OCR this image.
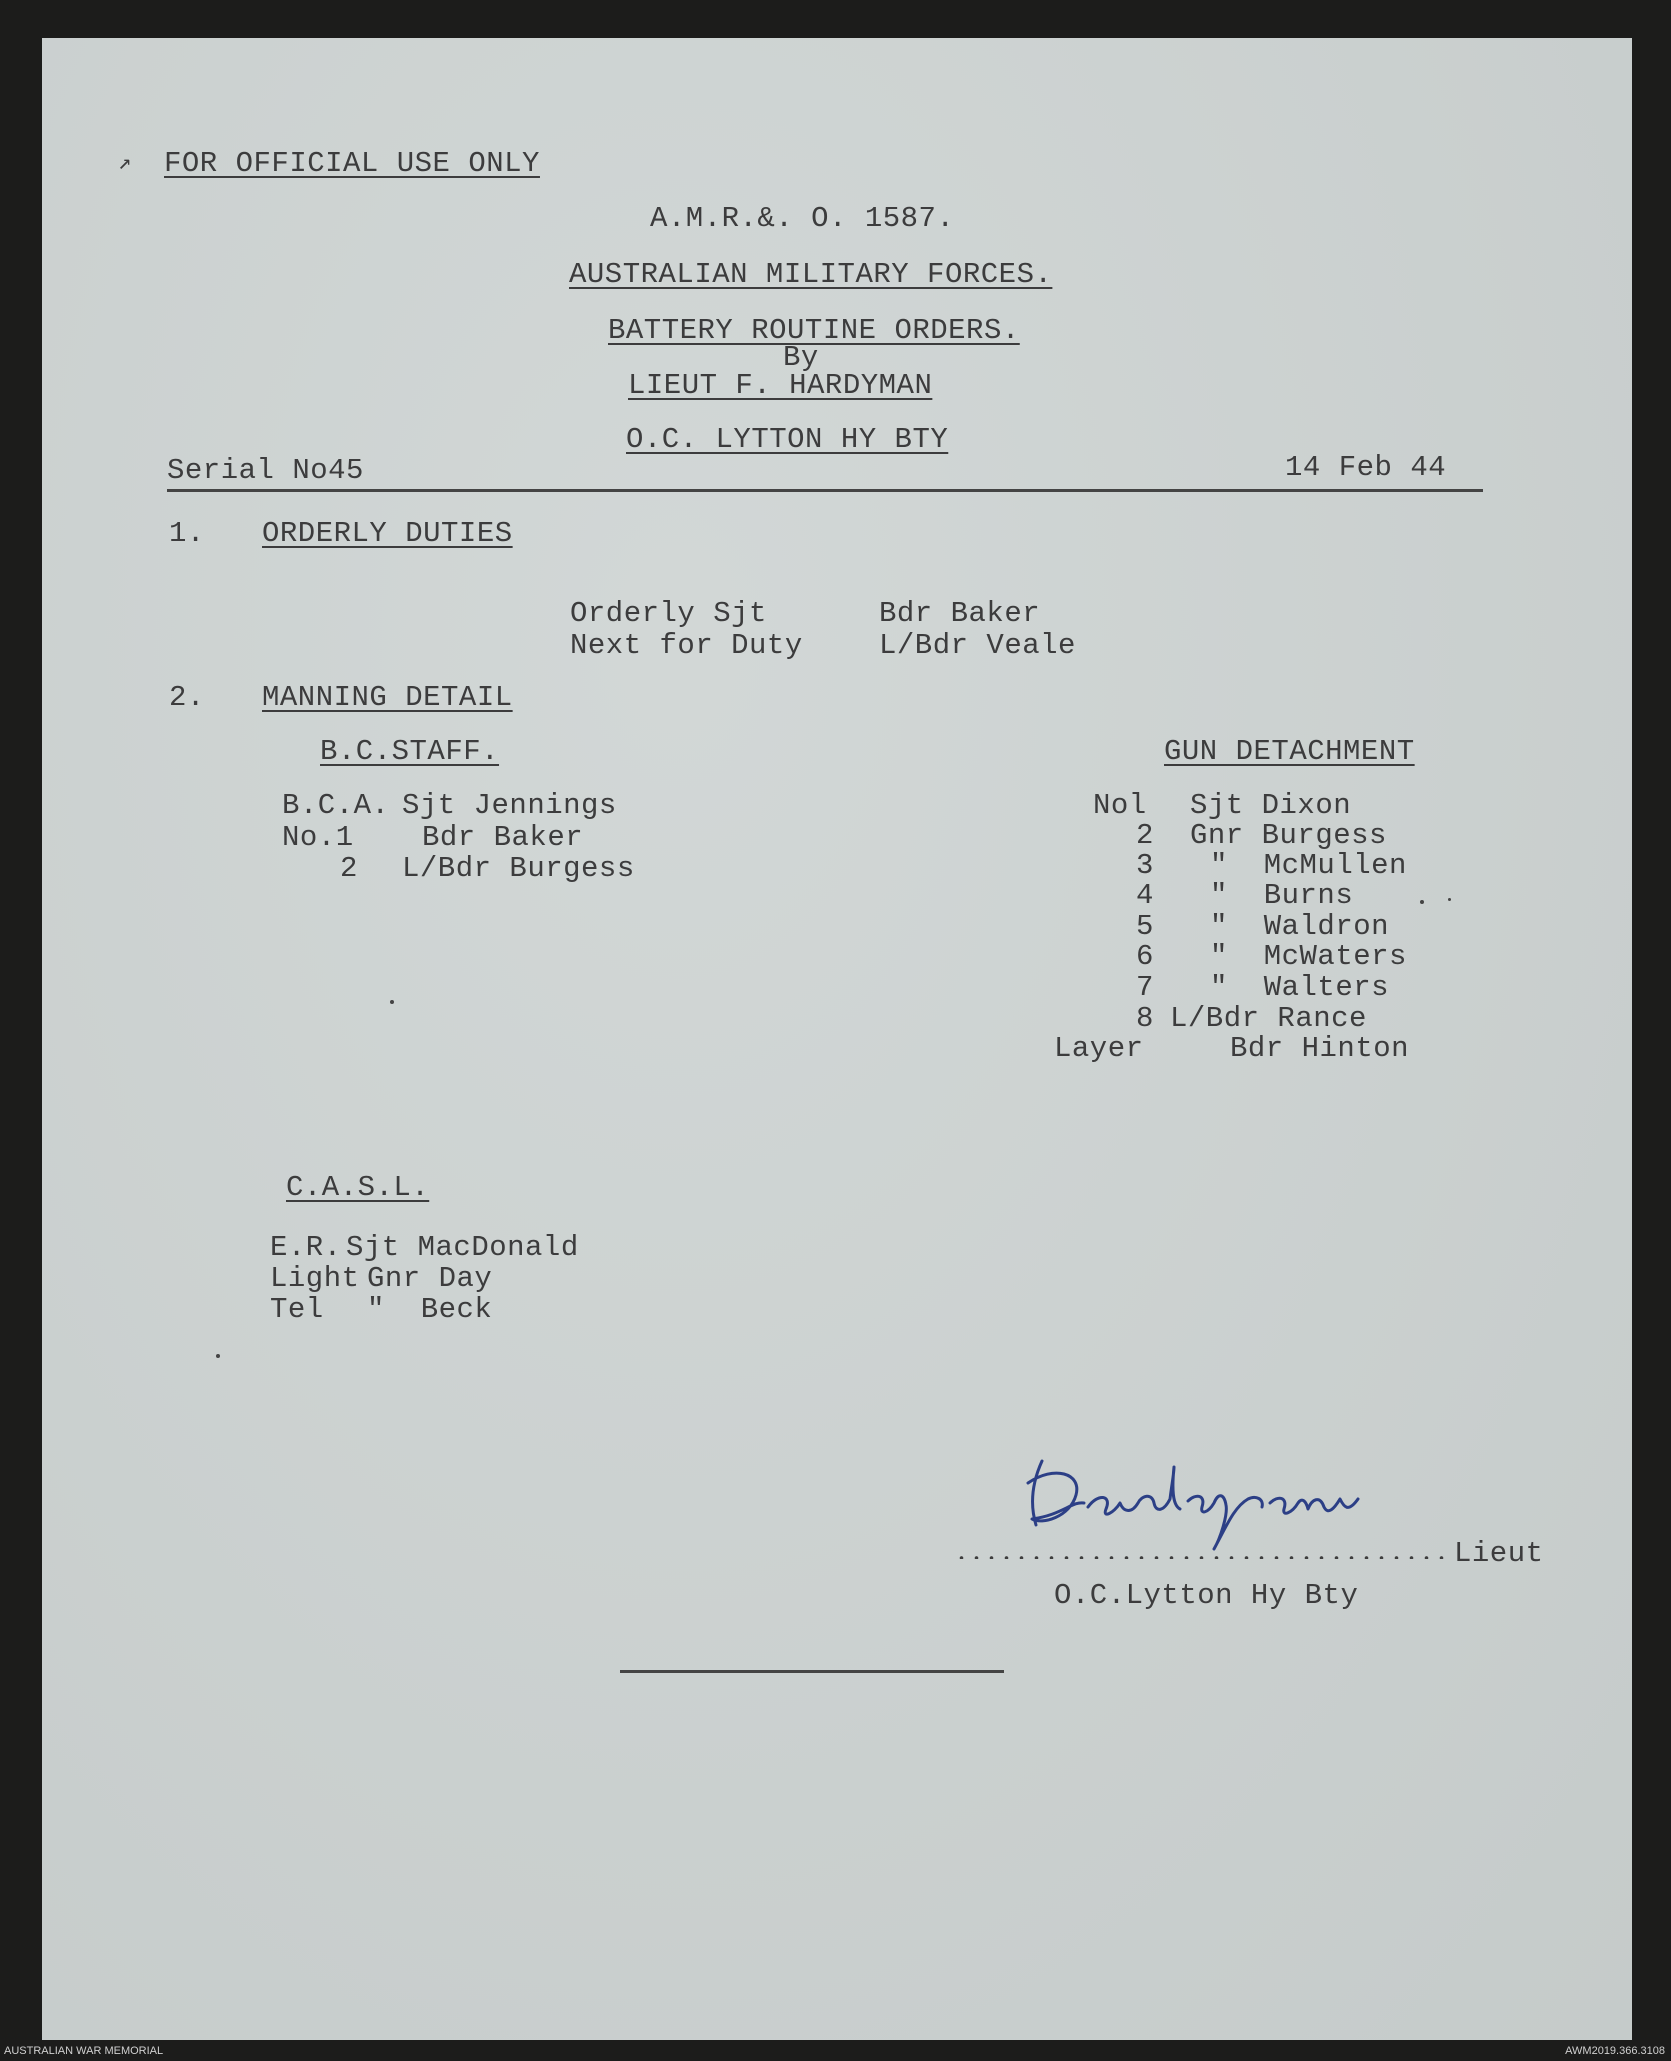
↗ FOR OFFICIAL USE ONLY
A.M.R.&. O. 1587.
AUSTRALIAN MILITARY FORCES.
BATTERY ROUTINE ORDERS.
By
LIEUT F. HARDYMAN
O.C. LYTTON HY BTY
Serial No45	14 Feb 44
1. ORDERLY DUTIES
Orderly Sjt	Bdr Baker
Next for Duty	L/Bdr Veale
2. MANNING DETAIL
B.C.STAFF.
B.C.A. Sjt Jennings
No.1 Bdr Baker
2 L/Bdr Burgess
GUN DETACHMENT
Nol Sjt Dixon
2 Gnr Burgess
3 "  McMullen
4 "  Burns
5 "  Waldron
6 "  McWaters
7 "  Walters
8 L/Bdr Rance
Layer	Bdr Hinton
C.A.S.L.
E.R. Sjt MacDonald
Light Gnr Day
Tel "  Beck
Lieut
O.C.Lytton Hy Bty
AUSTRALIAN WAR MEMORIAL	AWM2019.366.3108
